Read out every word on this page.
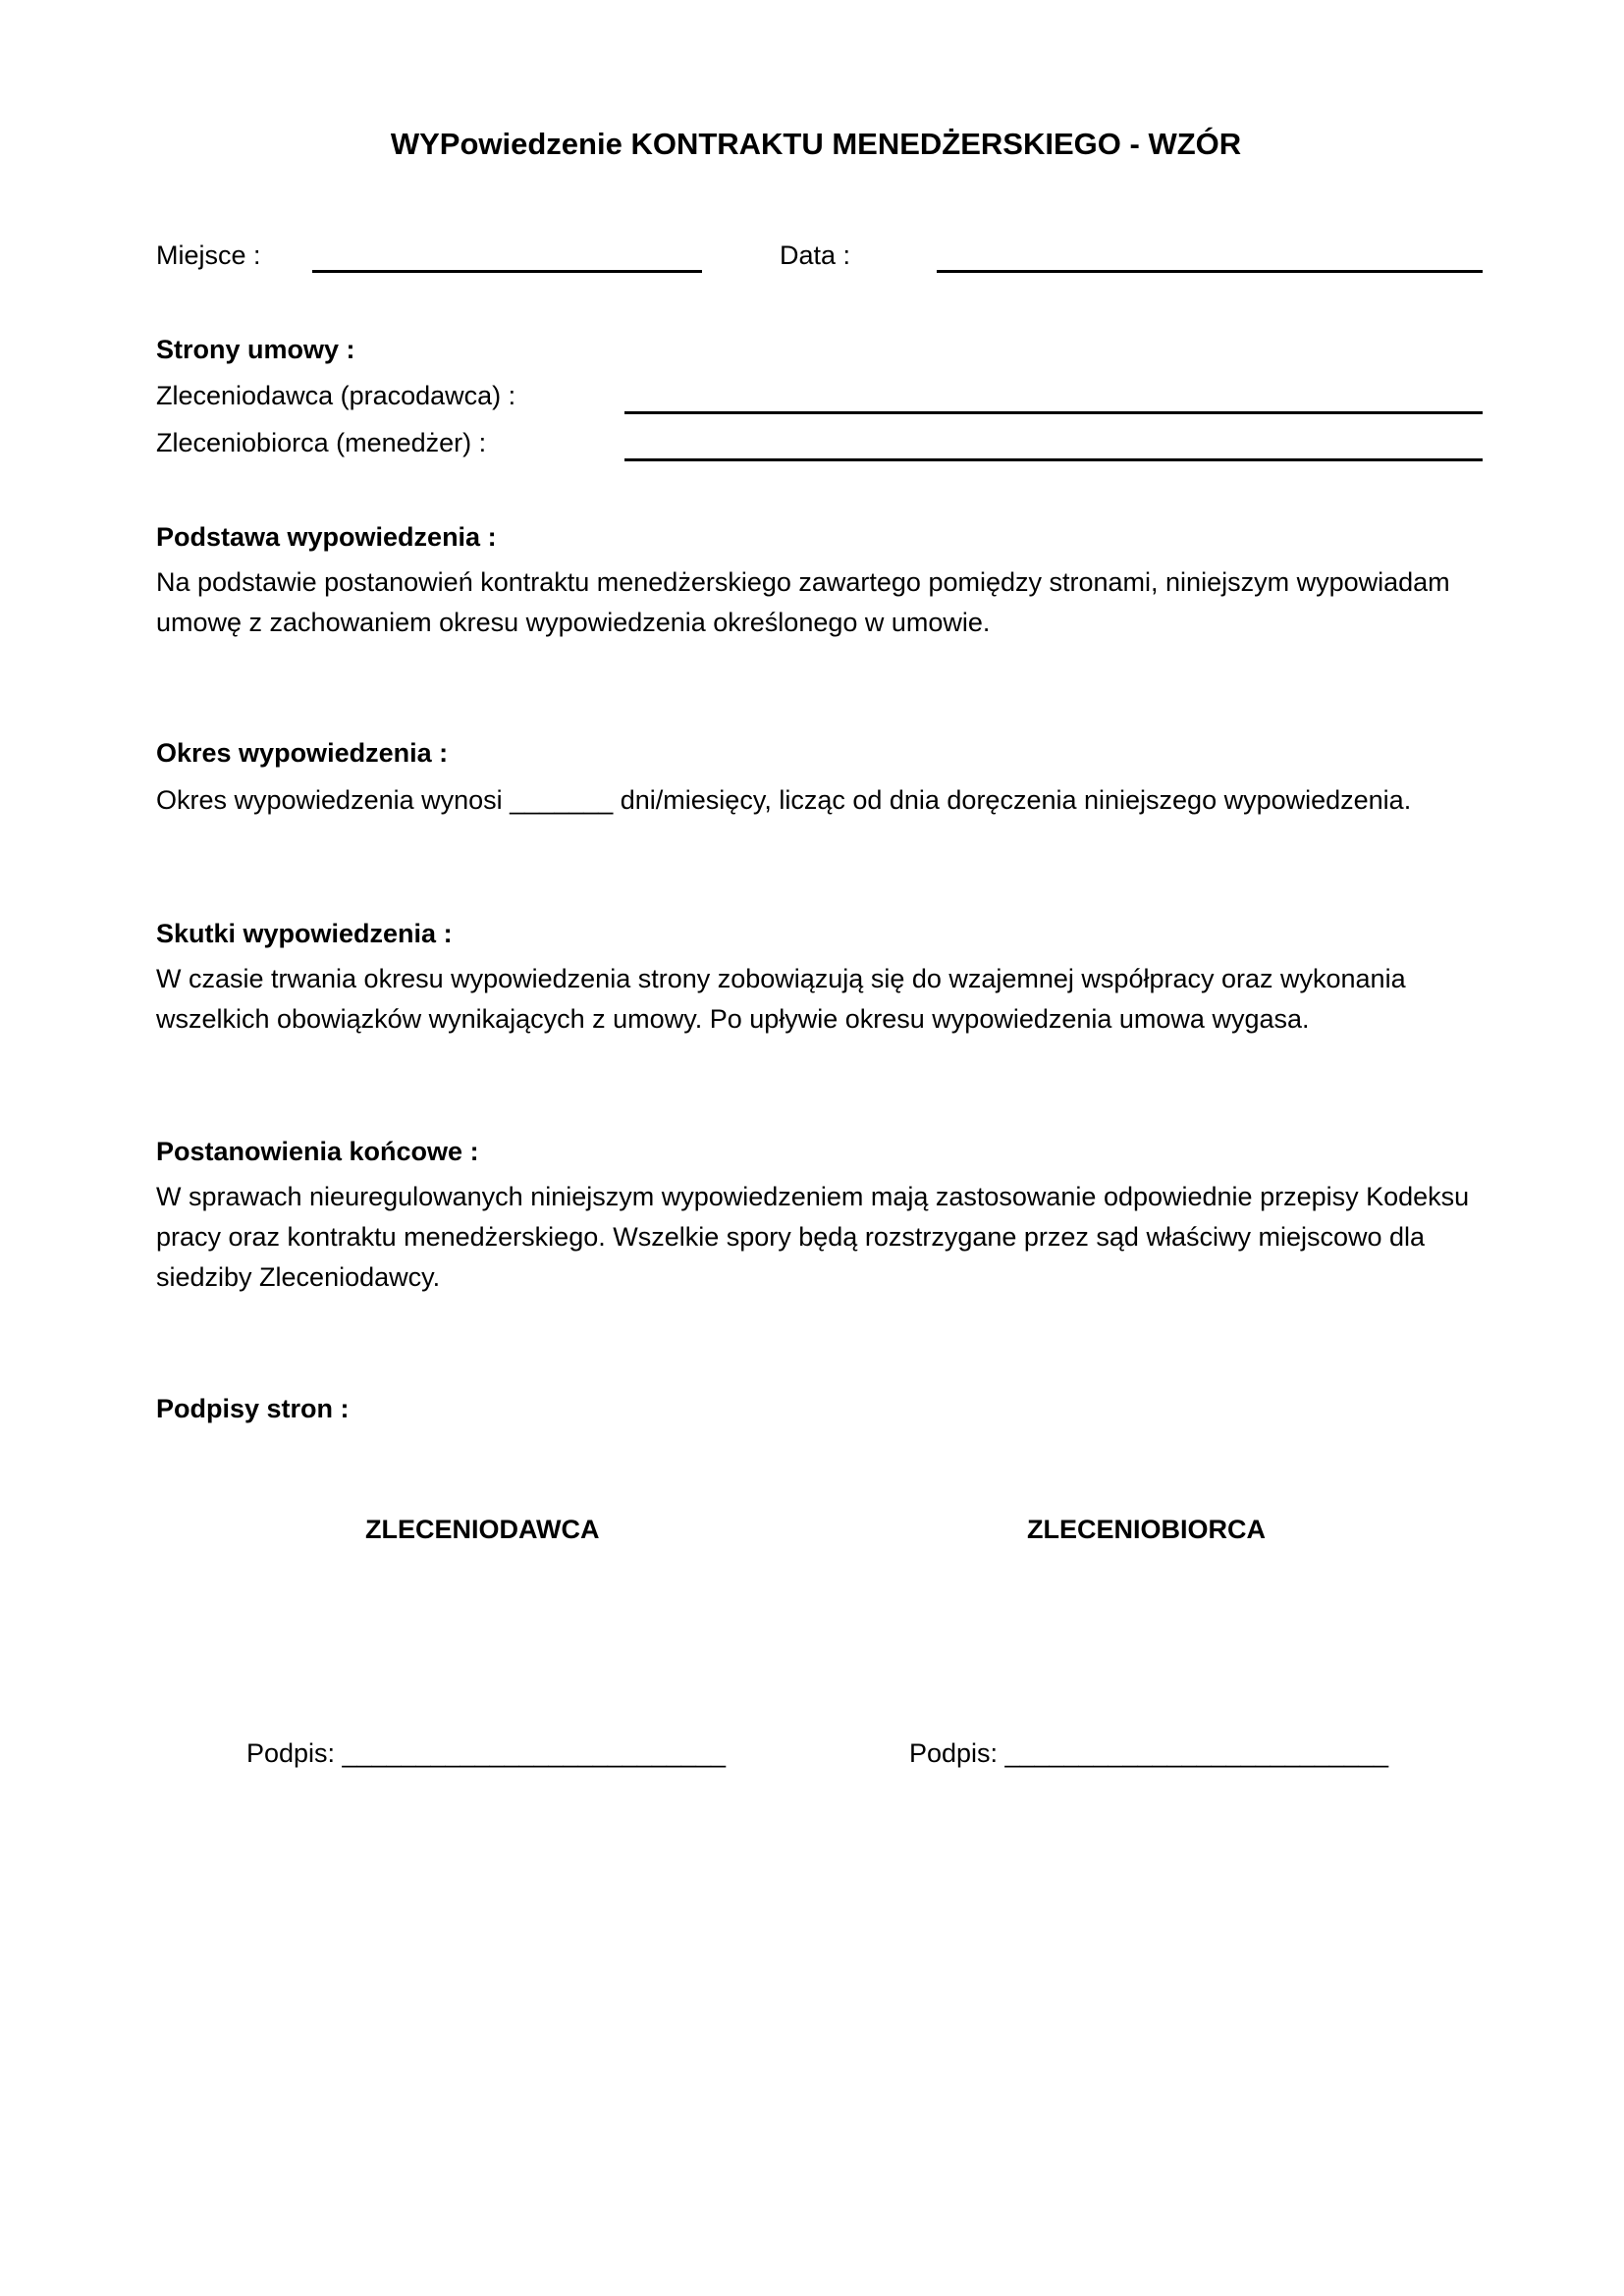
WYPowiedzenie KONTRAKTU MENEDŻERSKIEGO - WZÓR
Miejsce :	Data :
Strony umowy :
Zleceniodawca (pracodawca) :
Zleceniobiorca (menedżer) :
Podstawa wypowiedzenia :
Na podstawie postanowień kontraktu menedżerskiego zawartego pomiędzy stronami, niniejszym wypowiadam umowę z zachowaniem okresu wypowiedzenia określonego w umowie.
Okres wypowiedzenia :
Okres wypowiedzenia wynosi _______ dni/miesięcy, licząc od dnia doręczenia niniejszego wypowiedzenia.
Skutki wypowiedzenia :
W czasie trwania okresu wypowiedzenia strony zobowiązują się do wzajemnej współpracy oraz wykonania wszelkich obowiązków wynikających z umowy. Po upływie okresu wypowiedzenia umowa wygasa.
Postanowienia końcowe :
W sprawach nieuregulowanych niniejszym wypowiedzeniem mają zastosowanie odpowiednie przepisy Kodeksu pracy oraz kontraktu menedżerskiego. Wszelkie spory będą rozstrzygane przez sąd właściwy miejscowo dla siedziby Zleceniodawcy.
Podpisy stron :
ZLECENIODAWCA	ZLECENIOBIORCA
Podpis: __________________________	Podpis: __________________________
